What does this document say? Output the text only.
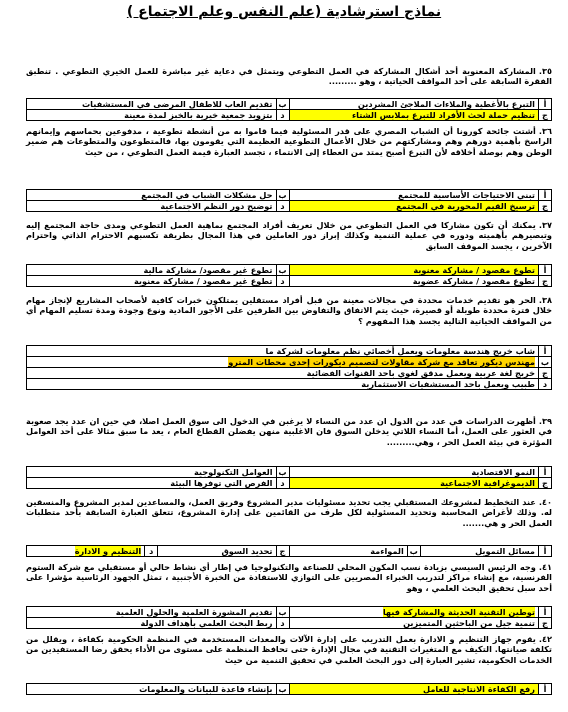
نماذج استرشادية (علم النفس وعلم الاجتماع )
٣٥.المشاركة المعنوية أحد أشكال المشاركة في العمل التطوعي ويتمثل في دعاية غير مباشرة للعمل الخيري التطوعي . تنطبق الفقرة السابقة على أحد المواقف الحياتية ، وهو .........
أ	التبرع بالأغطية والملاءات الملاجئ المشردين	ب	تقديم العاب للاطفال المرضى في المستشفيات
ج	تنظيم حملة لحث الأفراد للتبرع بملابس الشتاء	د	بتزويد جمعية خيرية بالخبز لمدة معينة
٣٦.أشتت جائحة كورونا أن الشباب المصري على قدر المسئولية فيما قاموا به من أنشطة تطوعية ، مدفوعين بحماسهم وإيمانهم الراسخ بأهمية دورهم وهم ومشاركتهم من خلال الأعمال التطوعية العظيمة التي يقومون بها، فالمتطوعون والمتطوعات هم ضمير الوطن وهم بوصلة أخلاقه لأن التبرع أصبح يمتد من العطاء إلى الانتماء ، تجسد العبارة قيمة العمل التطوعي ، من حيث
أ	تبني الاحتياجات الأساسية للمجتمع	ب	حل مشكلات الشباب في المجتمع
ج	ترسيخ القيم المحورية في المجتمع	د	توضيح دور النظم الاجتماعية
٣٧.يمكنك أن تكون مشاركا في العمل التطوعي من خلال تعريف أفراد المجتمع بماهية العمل التطوعي ومدى حاجة المجتمع إليه وتبصيرهم بأهميته ودوره في عملية التنمية وكذلك إبراز دور العاملين في هذا المجال بطريقة تكسبهم الاحترام الذاتي واحترام الآخرين ، يجسد الموقف السابق
أ	تطوع مقصود / مشاركة معنوية	ب	تطوع غير مقصود/ مشاركة مالية
ج	تطوع مقصود / مشاركة عضوية	د	تطوع غير مقصود / مشاركة معنوية
٣٨.الحر هو تقديم خدمات محددة في مجالات معينة من قبل أفراد مستقلين يمتلكون خبرات كافية لأصحاب المشاريع لإنجاز مهام خلال فترة محددة طويلة أو قصيرة، حيث يتم الاتفاق والتفاوض بين الطرفين على الأجور المادية ونوع وجودة ومدة تسليم المهام أي من المواقف الحياتية التالية يجسد هذا المفهوم ؟
أ	شاب خريج هندسة معلومات ويعمل أخصائي نظم معلومات لشركة ما
ب	مهندس ديكور تعاقد مع شركة مقاولات لتصميم ديكورات إحدى محطات المترو
ج	خريج لغة عربية ويعمل مدقق لغوي باحد القنوات الفضائية
د	طبيب ويعمل باحد المستشفيات الاستثمارية
٣٩.أظهرت الدراسات في عدد من الدول ان عدد من النساء لا يرغبن في الدخول الى سوق العمل اصلا، في حين ان عدد يجد صعوبة في العثور على العمل، أما النساء اللاتي يدخلن السوق فان الاغلبية منهن يفضلن القطاع العام ، يعد ما سبق مثالا على أحد العوامل المؤثرة في بيئة العمل الحر ، وهي.........
أ	النمو الاقتصادية	ب	العوامل التكنولوجية
ج	الديموغرافية الاجتماعية	د	الفرص التي توفرها البيئة
٤٠.عند التخطيط لمشروعك المستقبلي يجب تحديد مسئوليات مدير المشروع وفريق العمل، والمساعدين لمدير المشروع والمنسقين له. وذلك لأغراض المحاسبة وتحديد المسئولية لكل طرف من القائمين على إدارة المشروع، تتعلق العبارة السابقة بأحد متطلبات العمل الحر و هي.......
أ	مسائل التمويل	ب	المواءمة	ج	تحديد السوق	د	التنظيم و الادارة
٤١.وجه الرئيس السيسي بزيادة نسب المكون المحلي للصناعة والتكنولوجيا في إطار أي نشاط حالي أو مستقبلي مع شركة الستوم الفرنسية، مع إنشاء مراكز لتدريب الخبراء المصريين على التوازي للاستفادة من الخبرة الأجنبية ، تمثل الجهود الرئاسية مؤشرا على أحد سبل تحقيق البحث العلمي ، وهو
أ	توطين التقنية الحديثة والمشاركة فيها	ب	تقديم المشورة العلمية والحلول العلمية
ج	تنمية جيل من الباحثين المتميزين	د	ربط البحث العلمي بأهداف الدولة
٤٢.يقوم جهاز التنظيم و الادارة بعمل التدريب على إدارة الآلات والمعدات المستخدمة في المنظمة الحكومية بكفاءة ، ويقلل من تكلفة صيانتها. التكيف مع المتغيرات التقنية في مجال الإدارة حتى تحافظ المنظمة على مستوى من الأداء يحقق رضا المستفيدين من الخدمات الحكومية، تشير العبارة إلى دور البحث العلمي في تحقيق التنمية من حيث
أ	رفع الكفاءة الانتاجية للعامل	ب	بإنشاء قاعدة للبيانات والمعلومات
